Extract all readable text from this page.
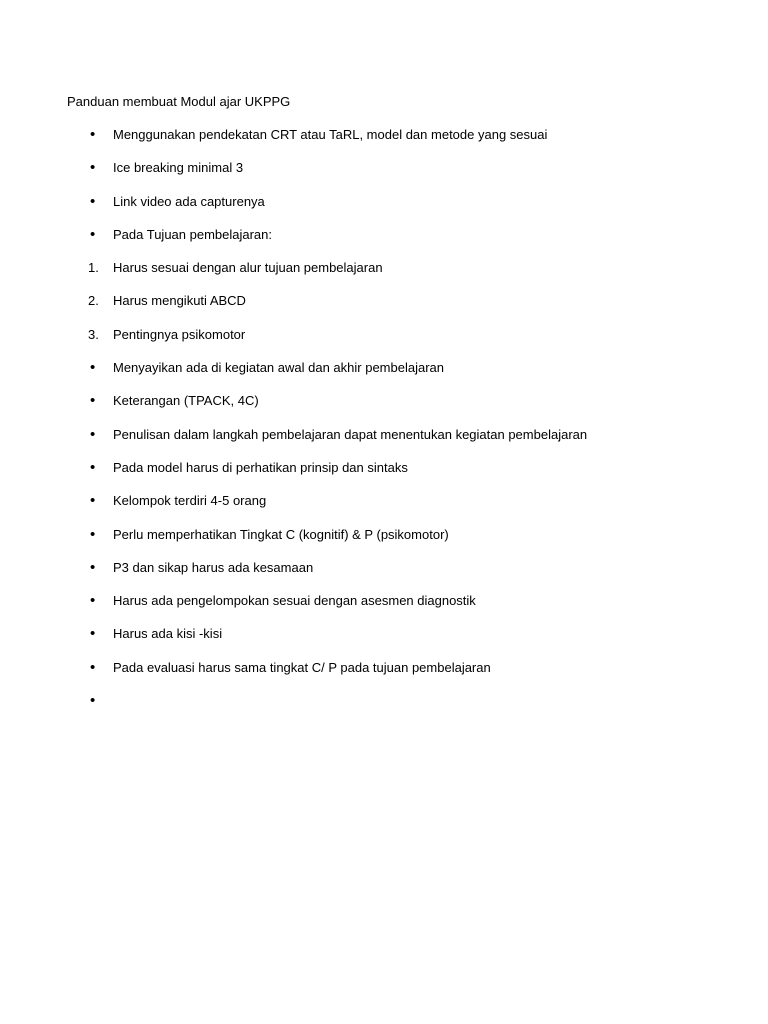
Panduan membuat Modul ajar UKPPG
•	Menggunakan pendekatan CRT atau TaRL, model dan metode yang sesuai
•	Ice breaking minimal 3
•	Link video ada capturenya
•	Pada Tujuan pembelajaran:
1.	Harus sesuai dengan alur tujuan pembelajaran
2.	Harus mengikuti ABCD
3.	Pentingnya psikomotor
•	Menyayikan ada di kegiatan awal dan akhir pembelajaran
•	Keterangan (TPACK, 4C)
•	Penulisan dalam langkah pembelajaran dapat menentukan kegiatan pembelajaran
•	Pada model harus di perhatikan prinsip dan sintaks
•	Kelompok terdiri 4-5 orang
•	Perlu memperhatikan Tingkat C (kognitif) & P (psikomotor)
•	P3 dan sikap harus ada kesamaan
•	Harus ada pengelompokan sesuai dengan asesmen diagnostik
•	Harus ada kisi -kisi
•	Pada evaluasi harus sama tingkat C/ P pada tujuan pembelajaran
•
